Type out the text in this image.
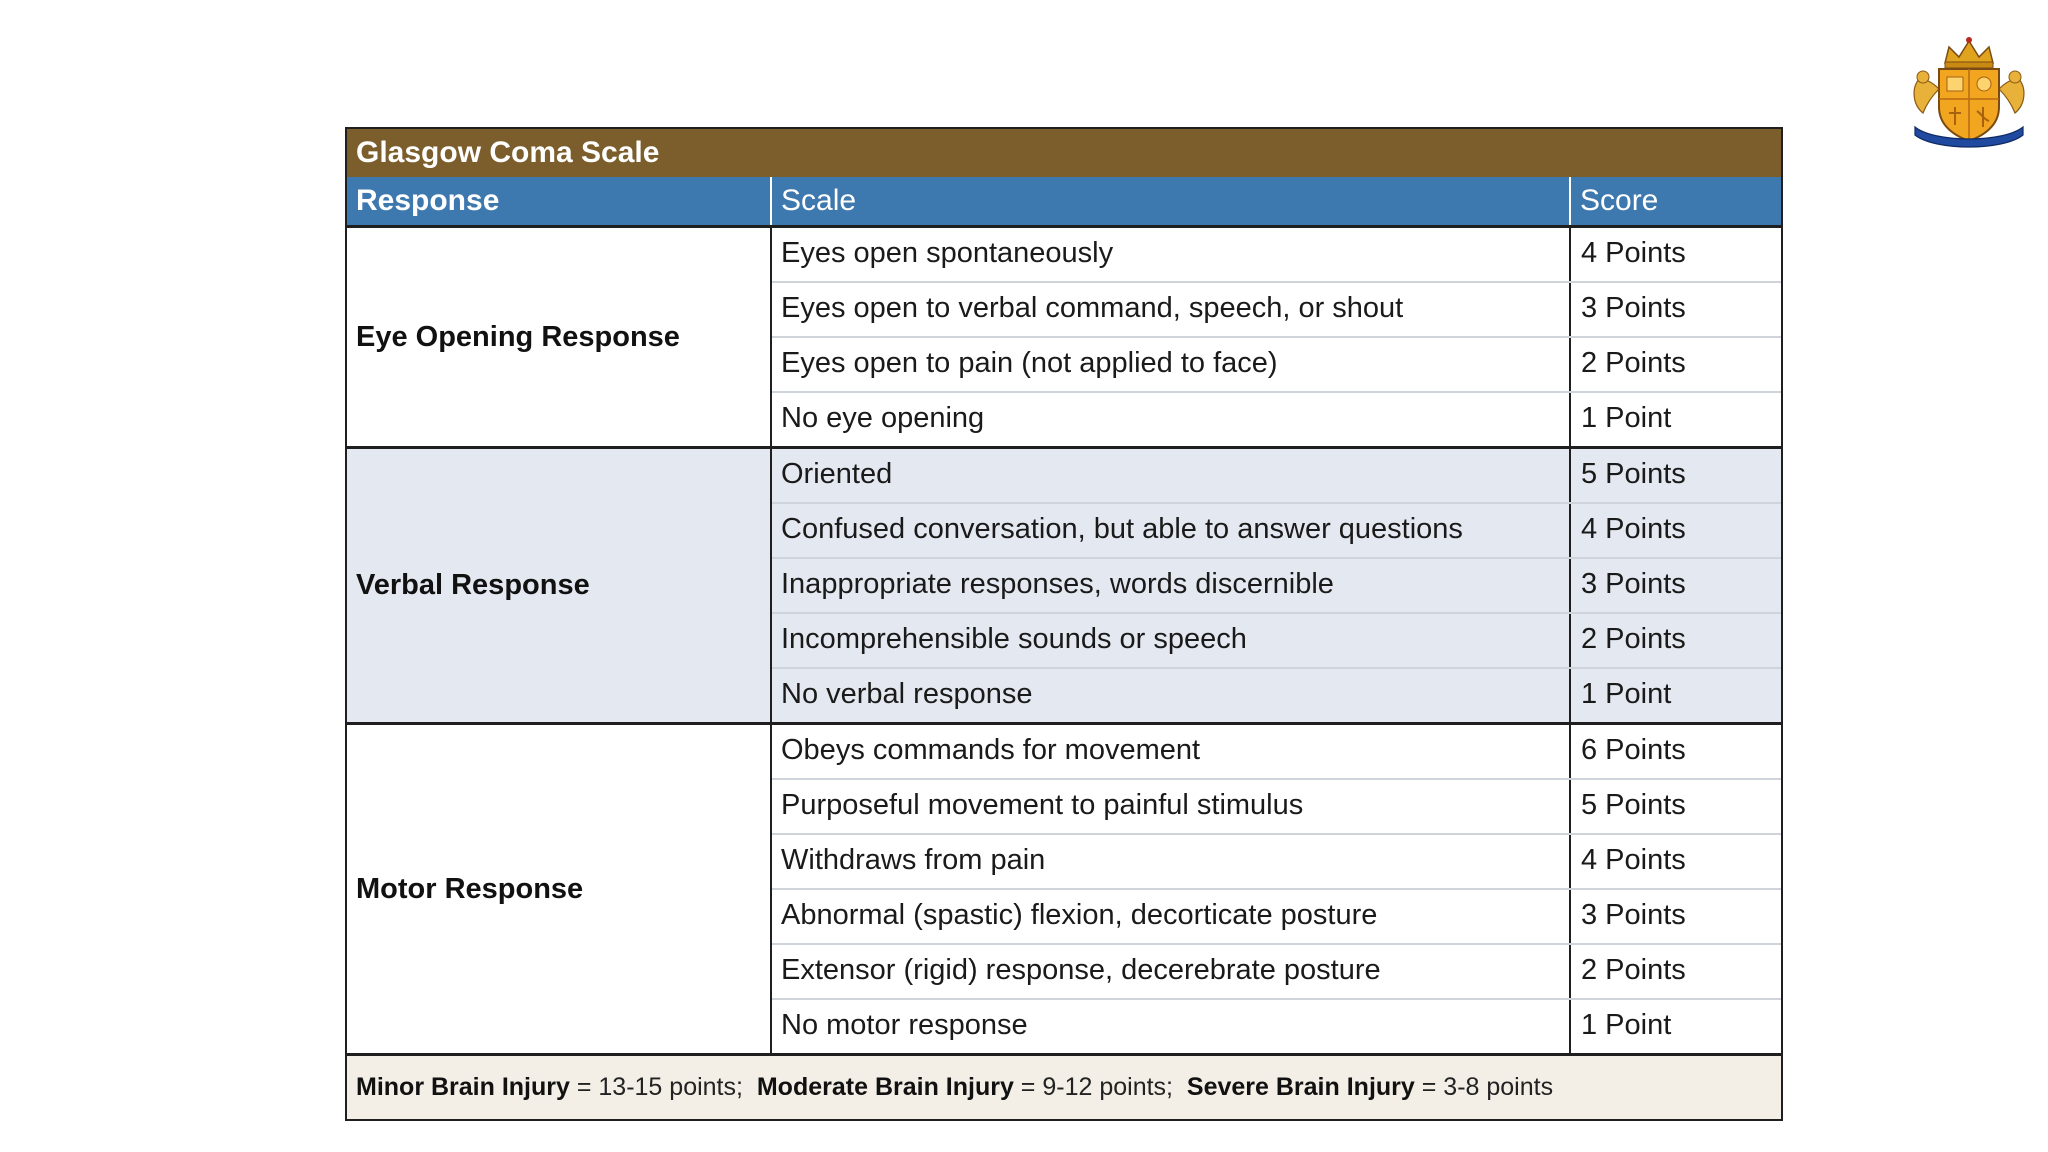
Glasgow Coma Scale
Response	Scale	Score
Eye Opening Response
Eyes open spontaneously	4 Points
Eyes open to verbal command, speech, or shout	3 Points
Eyes open to pain (not applied to face)	2 Points
No eye opening	1 Point
Verbal Response
Oriented	5 Points
Confused conversation, but able to answer questions	4 Points
Inappropriate responses, words discernible	3 Points
Incomprehensible sounds or speech	2 Points
No verbal response	1 Point
Motor Response
Obeys commands for movement	6 Points
Purposeful movement to painful stimulus	5 Points
Withdraws from pain	4 Points
Abnormal (spastic) flexion, decorticate posture	3 Points
Extensor (rigid) response, decerebrate posture	2 Points
No motor response	1 Point
Minor Brain Injury = 13-15 points; Moderate Brain Injury = 9-12 points; Severe Brain Injury = 3-8 points
